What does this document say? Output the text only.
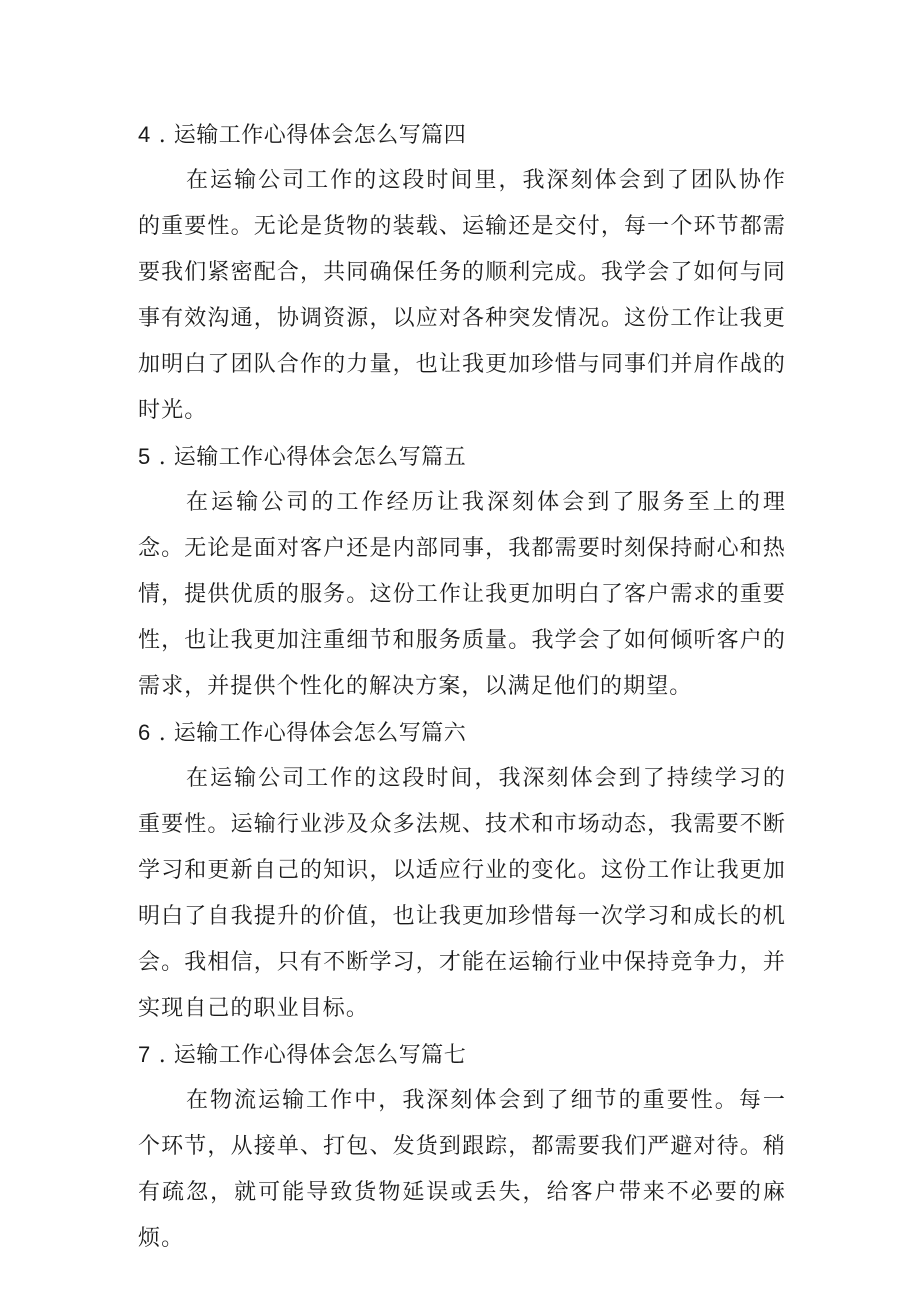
4 . 运输工作心得体会怎么写篇四

在运输公司工作的这段时间里，我深刻体会到了团队协作的重要性。无论是货物的装载、运输还是交付，每一个环节都需要我们紧密配合，共同确保任务的顺利完成。我学会了如何与同事有效沟通，协调资源，以应对各种突发情况。这份工作让我更加明白了团队合作的力量，也让我更加珍惜与同事们并肩作战的时光。

5 . 运输工作心得体会怎么写篇五

在运输公司的工作经历让我深刻体会到了服务至上的理念。无论是面对客户还是内部同事，我都需要时刻保持耐心和热情，提供优质的服务。这份工作让我更加明白了客户需求的重要性，也让我更加注重细节和服务质量。我学会了如何倾听客户的需求，并提供个性化的解决方案，以满足他们的期望。

6 . 运输工作心得体会怎么写篇六

在运输公司工作的这段时间，我深刻体会到了持续学习的重要性。运输行业涉及众多法规、技术和市场动态，我需要不断学习和更新自己的知识，以适应行业的变化。这份工作让我更加明白了自我提升的价值，也让我更加珍惜每一次学习和成长的机会。我相信，只有不断学习，才能在运输行业中保持竞争力，并实现自己的职业目标。

7 . 运输工作心得体会怎么写篇七

在物流运输工作中，我深刻体会到了细节的重要性。每一个环节，从接单、打包、发货到跟踪，都需要我们严避对待。稍有疏忽，就可能导致货物延误或丢失，给客户带来不必要的麻烦。
